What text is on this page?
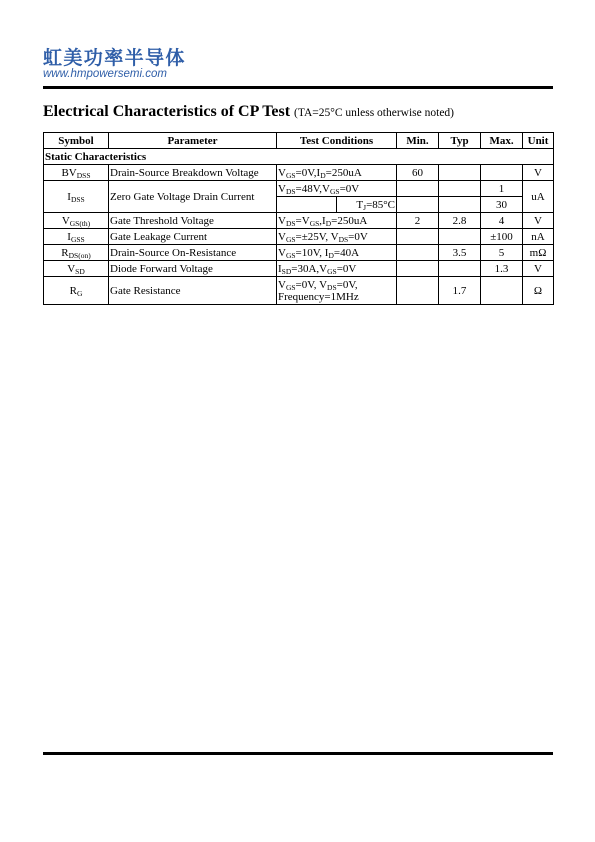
虹美功率半导体
www.hmpowersemi.com
Electrical Characteristics of CP Test (TA=25°C unless otherwise noted)
Symbol	Parameter	Test Conditions		Min.	Typ	Max.	Unit
Static Characteristics							
$BV_{DSS}$	Drain-Source Breakdown Voltage	$V_{GS}=0V,I_D=250uA$		60			V
$I_{DSS}$	Zero Gate Voltage Drain Current	$V_{DS}=48V,V_{GS}=0V$				1	uA
			$T_J=85^\circ C$			30	
$V_{GS(th)}$	Gate Threshold Voltage	$V_{DS}=V_{GS},I_D=250uA$		2	2.8	4	V
$I_{GSS}$	Gate Leakage Current	$V_{GS}=\pm 25V$, $V_{DS}=0V$				±100	nA
$R_{DS(on)}$	Drain-Source On-Resistance	$V_{GS}=10V$, $I_D=40A$			3.5	5	mΩ
$V_{SD}$	Diode Forward Voltage	$I_{SD}=30A,V_{GS}=0V$				1.3	V
$R_G$	Gate Resistance	$V_{GS}=0V$, $V_{DS}=0V$,
Frequency=1MHz			1.7		Ω
